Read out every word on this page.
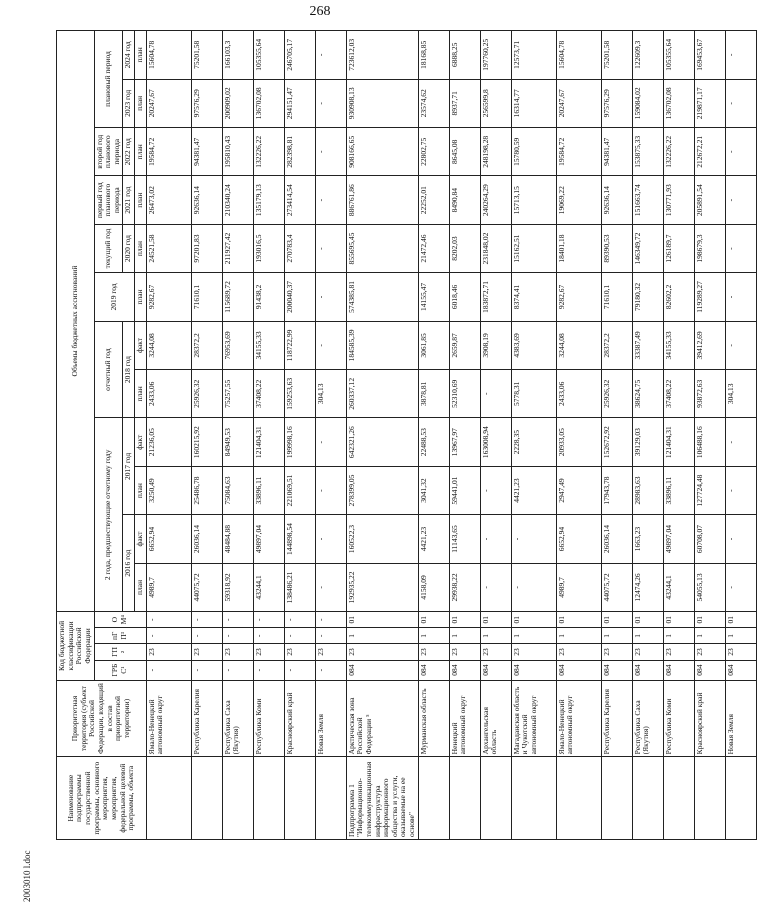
268
2003010 l.doc
Наименование подпрограммы государственной программы, основного мероприятия, мероприятия, федеральной целевой программы, объекта	Приоритетная территория (субъект Российской Федерации, входящий в состав приоритетной территории)	Код бюджетной классификации Российской Федерации				Объемы бюджетных ассигнований											
		ГРБС¹	ГП²	пГП³	ОМ⁴	2 года, предшествующие отчетному году				отчетный год		2019 год	текущий год	первый год планового периода	второй год планового периода	плановый период	
						2016 год		2017 год		2018 год			2020 год	2021 год	2022 год	2023 год	2024 год
						план	факт	план	факт	план	факт	план	план	план	план	план	план
	Ямало-Ненецкий автономный округ	-	23	-	-	4989,7	6652,94	3250,49	21236,05	2433,06	3244,08	9282,67	24521,58	26473,02	19584,72	20247,67	15604,78
	Республика Карелия	-	23	-	-	44075,72	26036,14	25486,78	160215,92	25926,32	28372,2	71610,1	97201,83	92636,14	94381,47	97576,29	75201,58
	Республика Саха (Якутия)	-	23	-	-	59318,92	48484,88	75084,63	84949,53	75257,55	76953,69	115689,72	211927,42	210340,24	195810,43	200909,02	166103,3
	Республика Коми	-	23	-	-	43244,1	49897,04	33896,11	121404,31	37408,22	34155,33	91438,2	193016,5	135179,13	132226,22	136702,08	105355,64
	Красноярский край	-	23	-	-	138486,21	144898,54	221069,51	199998,16	159253,63	118722,99	200040,37	270783,4	273414,54	282398,81	294151,47	246705,17
	Новая Земля	-	23	-	-	-	-	-	-	304,13	-	-	-	-	-	-	-
Подпрограмма 1 "Информационно-телекоммуникационная инфраструктура информационного общества и услуги, оказываемые на ее основе"	Арктическая зона Российской Федерации ⁵	084	23	1	01	192935,22	160522,3	278399,05	642321,26	260337,12	184585,39	574385,81	855695,45	886761,86	908166,65	930908,13	723612,03
	Мурманская область	084	23	1	01	4158,09	4421,23	3041,32	22488,53	3878,81	3061,85	14155,47	21472,46	22252,01	22802,75	23574,62	18168,85
	Ненецкий автономный округ	084	23	1	01	29938,22	11143,65	59441,01	13967,97	52310,69	2659,87	6018,46	8202,03	8490,84	8645,08	8937,71	6888,25
	Архангельская область	084	23	1	01	-	-	-	163008,94	-	3908,19	183872,71	231848,02	240264,29	248198,28	256599,8	197760,25
	Магаданская область и Чукотский автономный округ	084	23	1	01	-	-	4421,23	2228,35	5778,31	4383,69	8374,41	15162,51	15713,15	15780,59	16314,77	12573,71
	Ямало-Ненецкий автономный округ	084	23	1	01	4989,7	6652,94	2947,49	20933,05	2433,06	3244,08	9282,67	18401,18	19069,22	19584,72	20247,67	15604,78
	Республика Карелия	084	23	1	01	44075,72	26036,14	17943,78	152672,92	25926,32	28372,2	71610,1	89390,53	92636,14	94381,47	97576,29	75201,58
	Республика Саха (Якутия)	084	23	1	01	12474,26	1663,23	28983,63	39129,03	38624,75	33387,49	79180,32	146349,72	151663,74	153875,33	159084,02	122609,3
	Республика Коми	084	23	1	01	43244,1	49897,04	33896,11	121404,31	37408,22	34155,33	82602,2	126189,7	130771,93	132226,22	136702,08	105355,64
	Красноярский край	084	23	1	01	54055,13	60708,07	127724,48	106488,16	93872,63	39412,69	119289,27	198679,3	205891,54	212672,21	219871,17	169453,67
	Новая Земля	084	23	1	01	-	-	-	-	304,13	-	-	-	-	-	-	-
